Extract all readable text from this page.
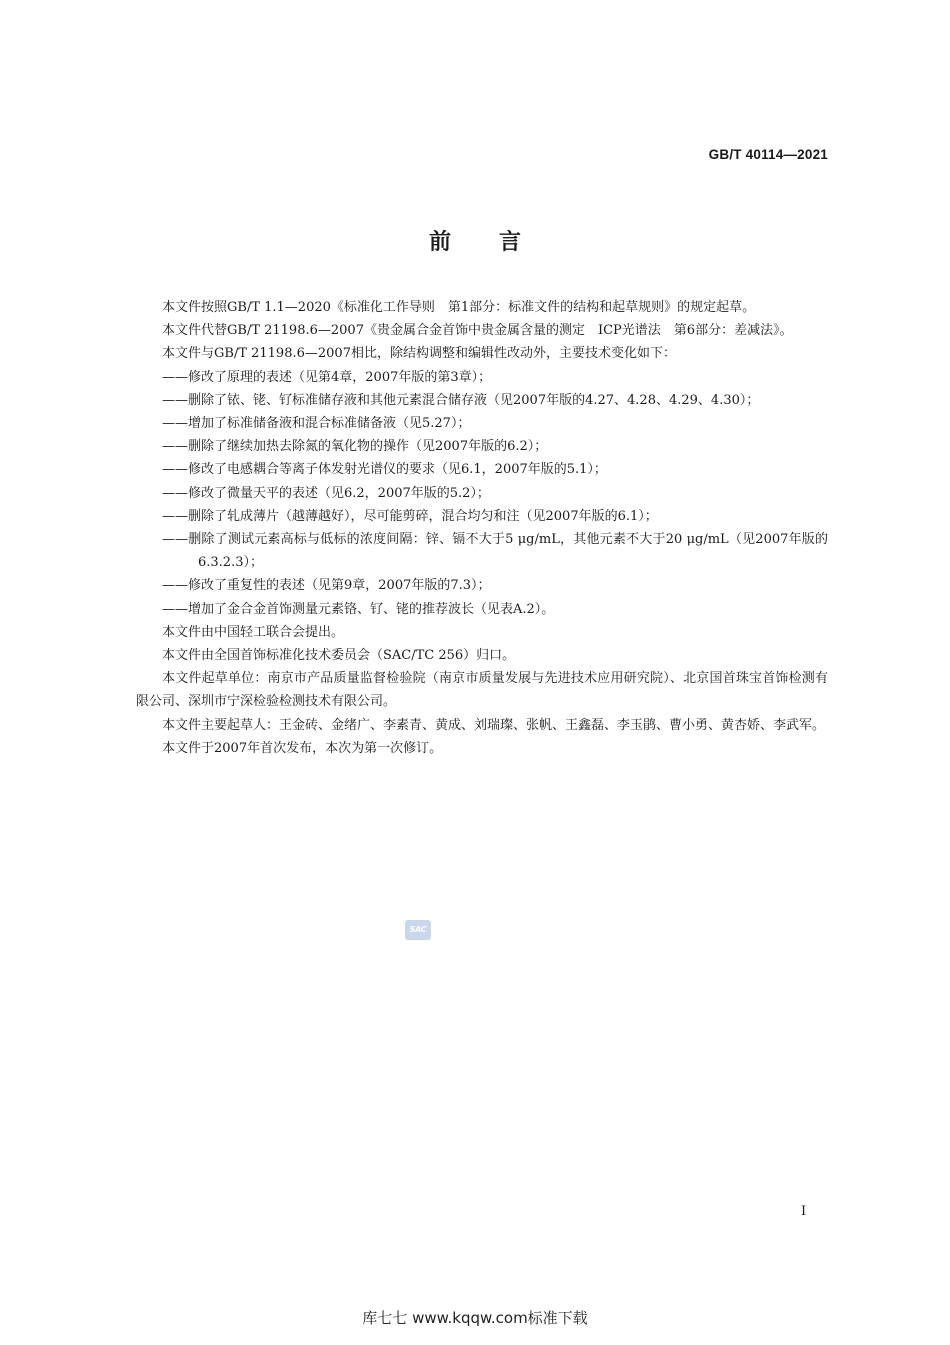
GB/T 40114—2021
前言

本文件按照GB/T 1.1—2020《标准化工作导则　第1部分：标准文件的结构和起草规则》的规定起草。

本文件代替GB/T 21198.6—2007《贵金属合金首饰中贵金属含量的测定　ICP光谱法　第6部分：差减法》。

本文件与GB/T 21198.6—2007相比，除结构调整和编辑性改动外，主要技术变化如下：

——修改了原理的表述（见第4章，2007年版的第3章）；

——删除了铱、铑、钌标准储存液和其他元素混合储存液（见2007年版的4.27、4.28、4.29、4.30）；

——增加了标准储备液和混合标准储备液（见5.27）；

——删除了继续加热去除氮的氧化物的操作（见2007年版的6.2）；

——修改了电感耦合等离子体发射光谱仪的要求（见6.1，2007年版的5.1）；

——修改了微量天平的表述（见6.2，2007年版的5.2）；

——删除了轧成薄片（越薄越好），尽可能剪碎，混合均匀和注（见2007年版的6.1）；

——删除了测试元素高标与低标的浓度间隔：锌、镉不大于5 μg/mL，其他元素不大于20 μg/mL（见2007年版的6.3.2.3）；

——修改了重复性的表述（见第9章，2007年版的7.3）；

——增加了金合金首饰测量元素铬、钌、铑的推荐波长（见表A.2）。

本文件由中国轻工联合会提出。

本文件由全国首饰标准化技术委员会（SAC/TC 256）归口。

本文件起草单位：南京市产品质量监督检验院（南京市质量发展与先进技术应用研究院）、北京国首珠宝首饰检测有限公司、深圳市宁深检验检测技术有限公司。

本文件主要起草人：王金砖、金绪广、李素青、黄成、刘瑞璨、张帆、王鑫磊、李玉鹃、曹小勇、黄杏娇、李武军。

本文件于2007年首次发布，本次为第一次修订。

SAC
I
库七七 www.kqqw.com标准下载
